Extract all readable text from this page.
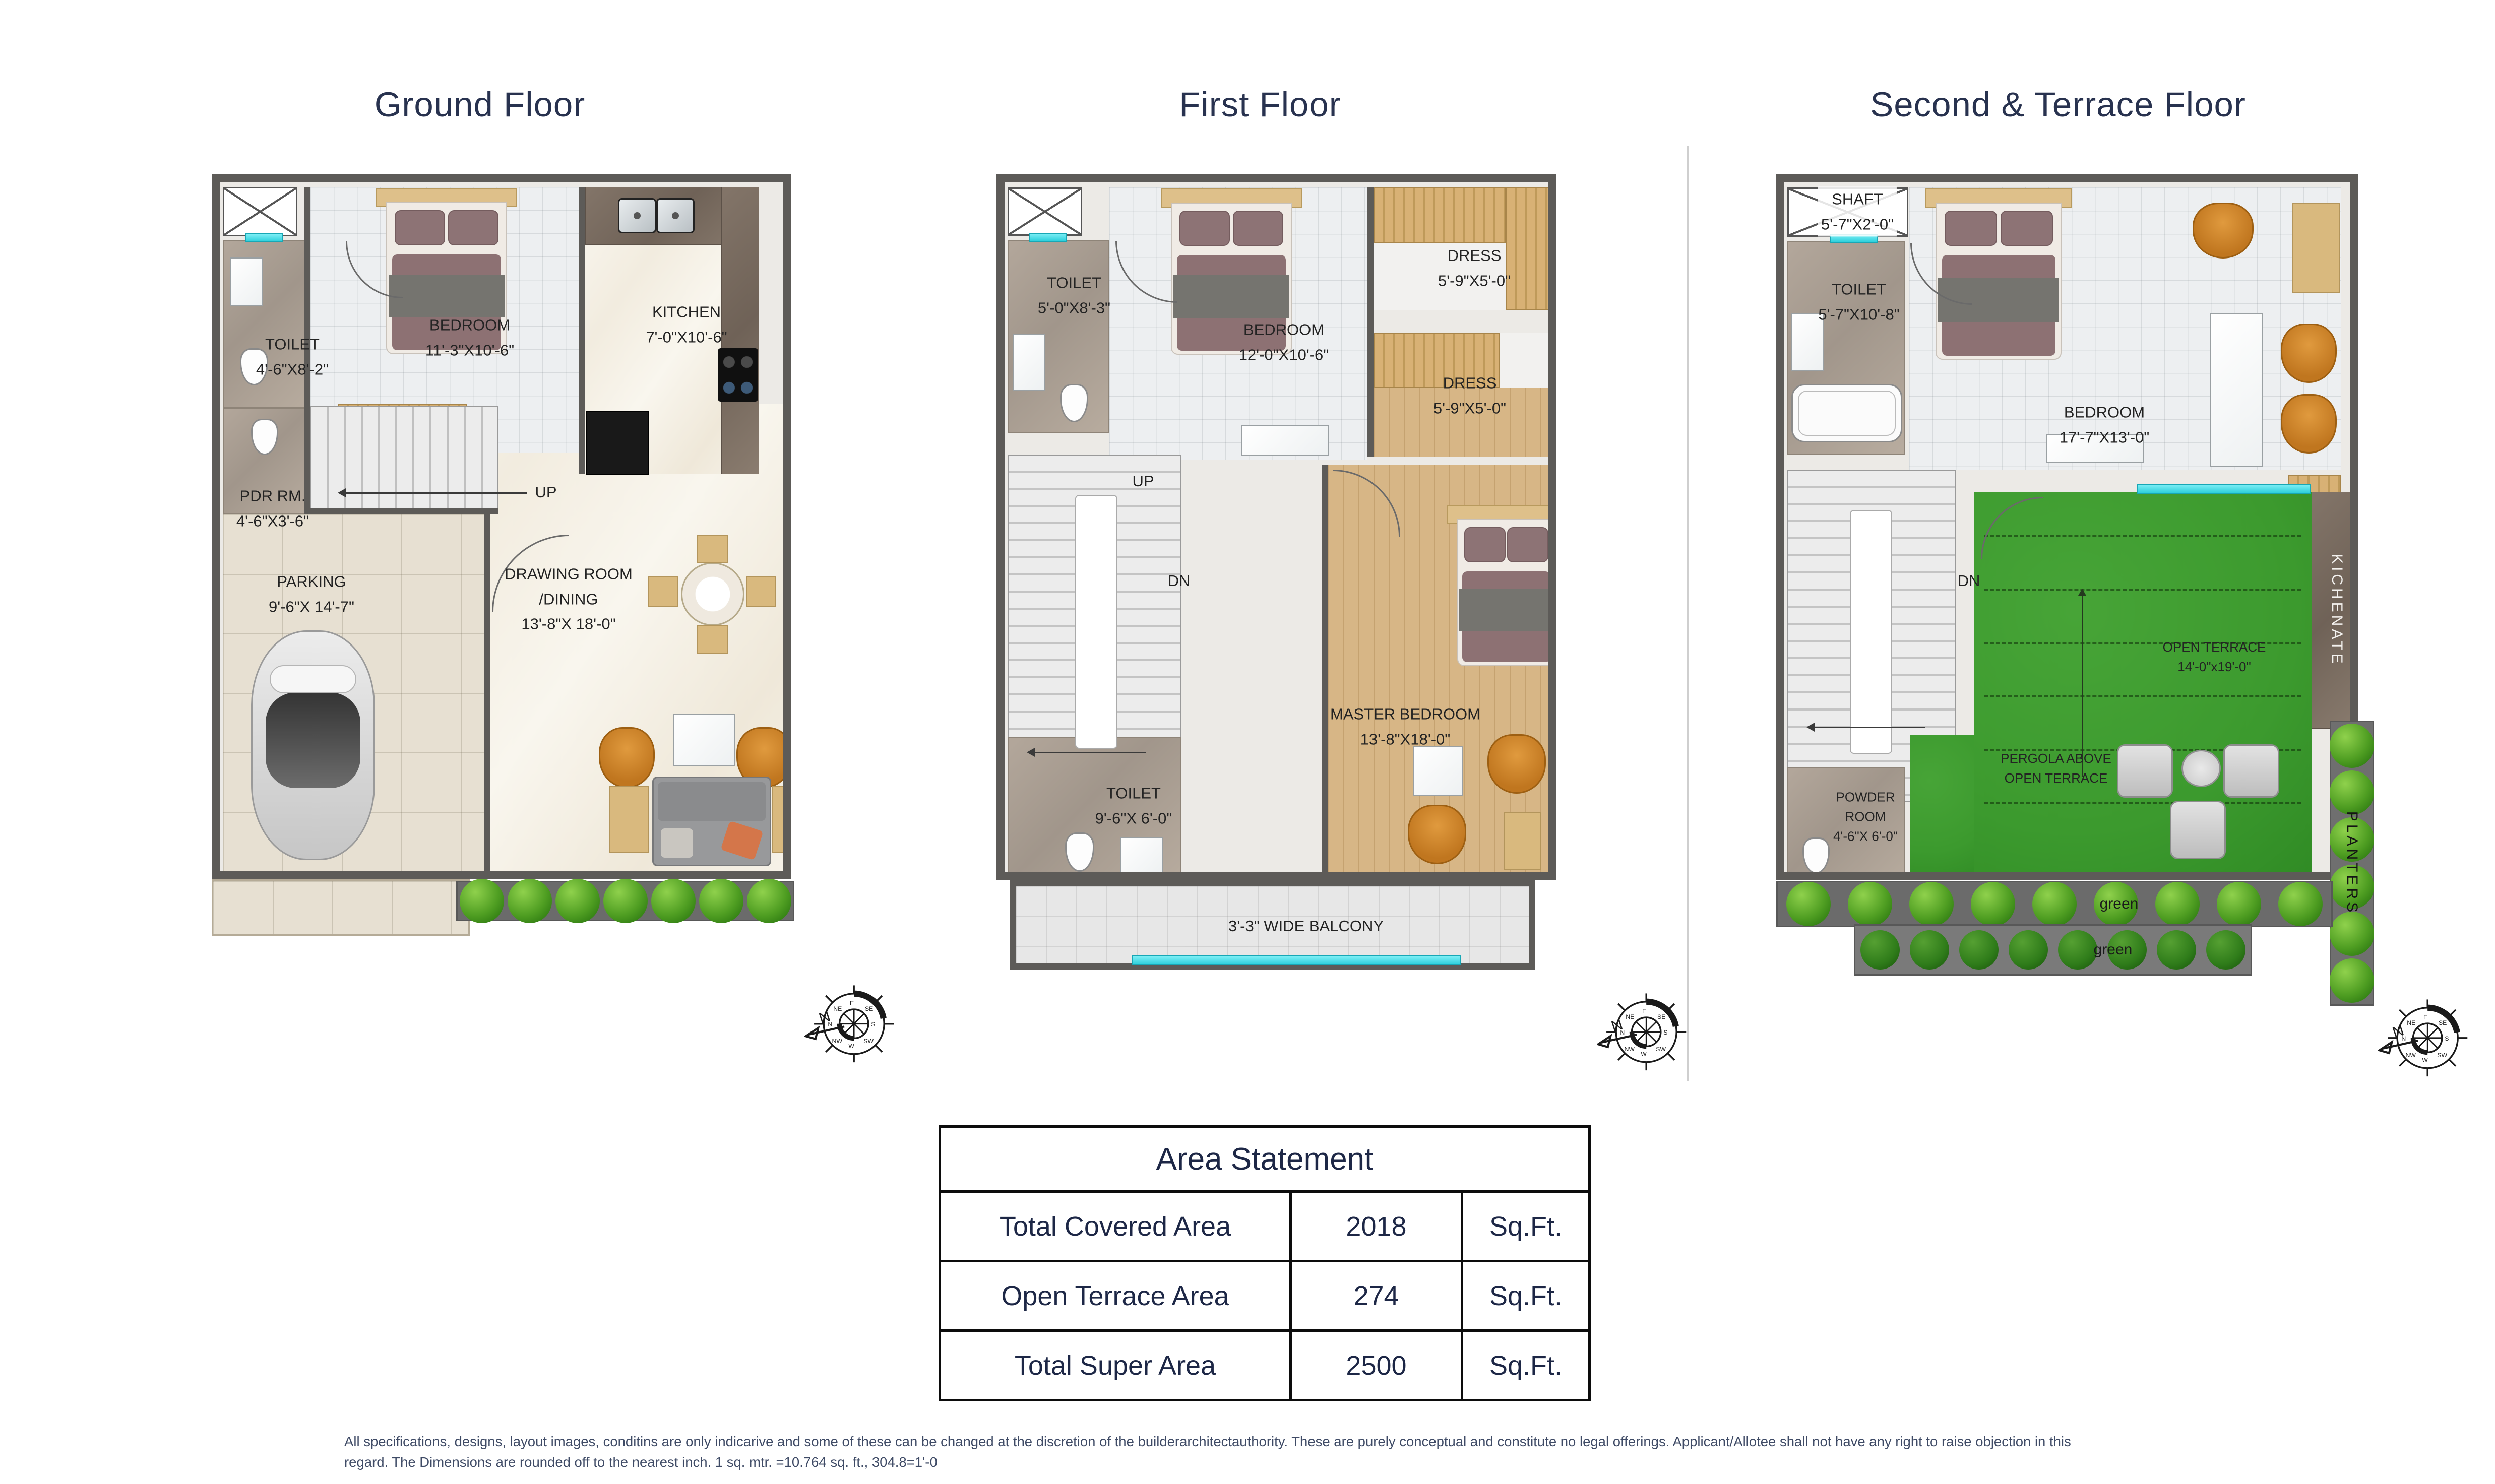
Ground Floor	First Floor	Second & Terrace Floor
TOILET
4'-6"X8'-2"
BEDROOM
11'-3"X10'-6"
KITCHEN
7'-0"X10'-6"
PDR RM.
4'-6"X3'-6"
UP
PARKING
9'-6"X 14'-7"
DRAWING ROOM
/DINING
13'-8"X 18'-0"
TOILET
5'-0"X8'-3"
BEDROOM
12'-0"X10'-6"
DRESS
5'-9"X5'-0"
DRESS
5'-9"X5'-0"
UP
DN
MASTER BEDROOM
13'-8"X18'-0"
TOILET
9'-6"X 6'-0"
3'-3" WIDE BALCONY
KICHENATE
SHAFT
5'-7"X2'-0"
TOILET
5'-7"X10'-8"
BEDROOM
17'-7"X13'-0"
DN
OPEN TERRACE
14'-0"x19'-0"
PERGOLA ABOVE
OPEN TERRACE
POWDER
ROOM
4'-6"X 6'-0"	PLANTERS
green
green
Area Statement
Total Covered Area	2018	Sq.Ft.
Open Terrace Area	274	Sq.Ft.
Total Super Area	2500	Sq.Ft.
All specifications, designs, layout images, conditins are only indicarive and some of these can be changed at the discretion of the builderarchitectauthority. These are purely conceptual and constitute no legal offerings. Applicant/Allotee shall not have any right to raise objection in this
regard. The Dimensions are rounded off to the nearest inch. 1 sq. mtr. =10.764 sq. ft., 304.8=1'-0
